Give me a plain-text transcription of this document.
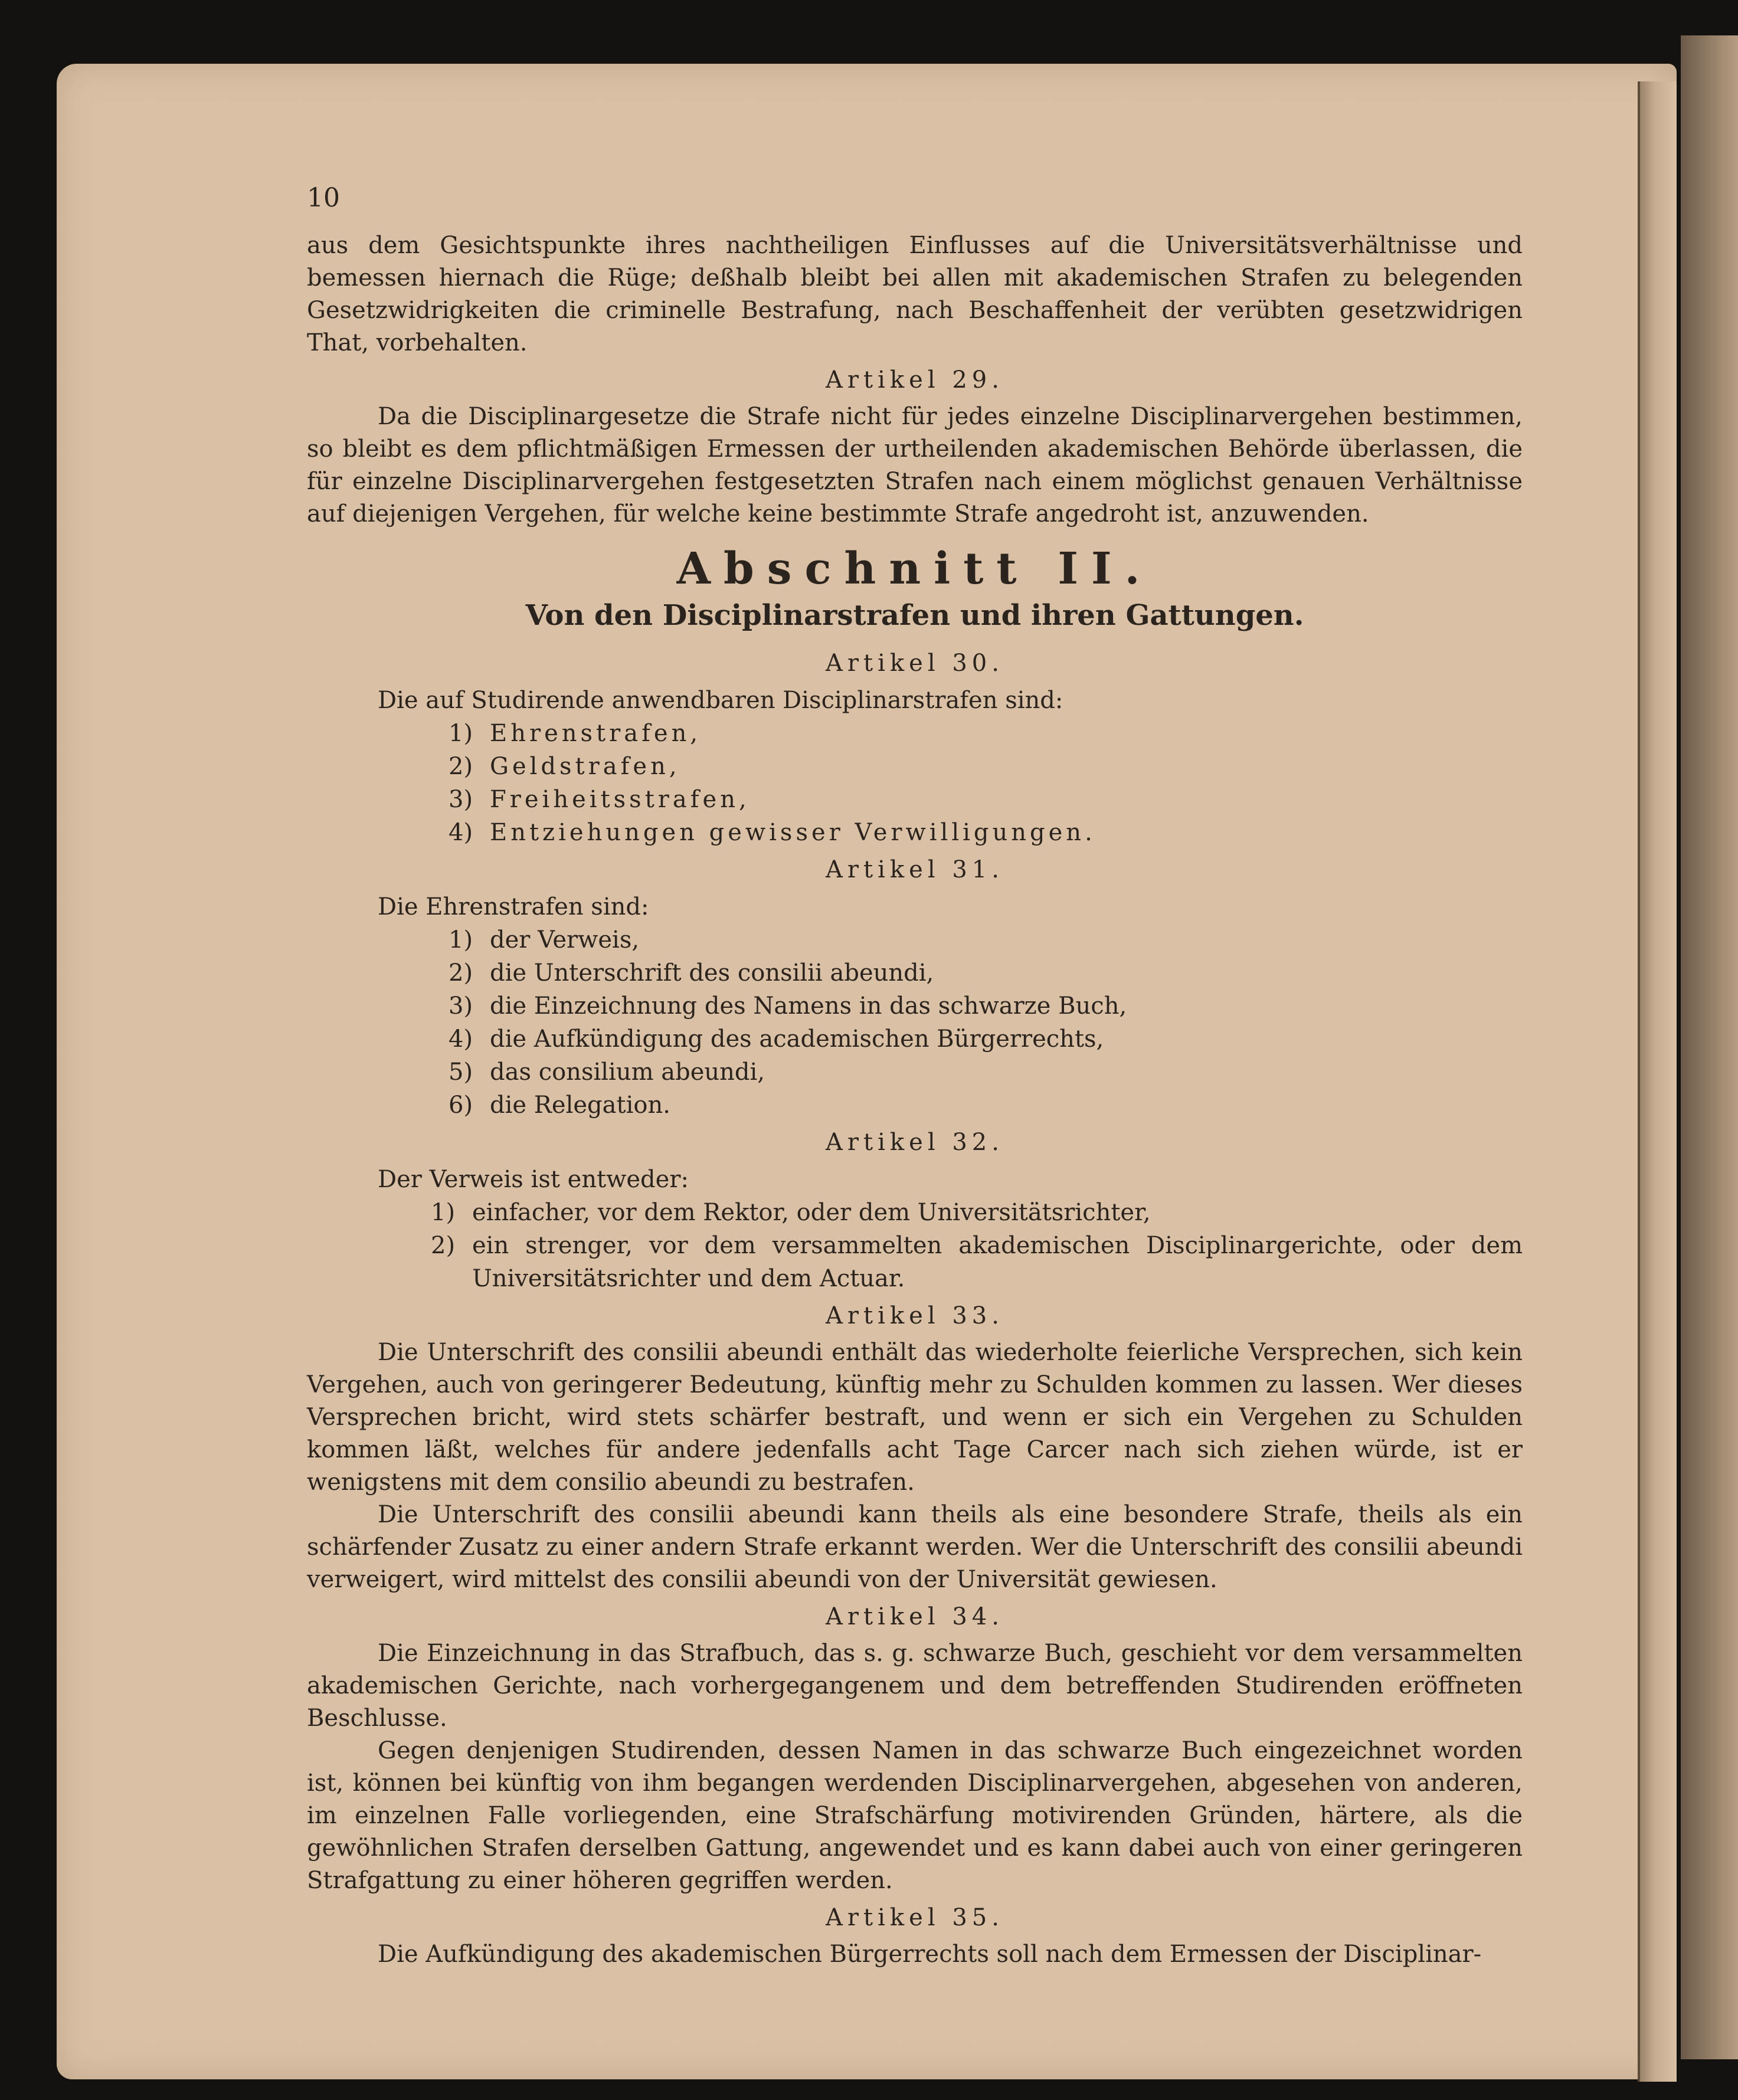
10

aus dem Gesichtspunkte ihres nachtheiligen Einflusses auf die Universitätsverhältnisse und bemessen hiernach die Rüge; deßhalb bleibt bei allen mit akademischen Strafen zu belegenden Gesetzwidrigkeiten die criminelle Bestrafung, nach Beschaffenheit der verübten gesetzwidrigen That, vorbehalten.

Artikel 29.

Da die Disciplinargesetze die Strafe nicht für jedes einzelne Disciplinarvergehen bestimmen, so bleibt es dem pflichtmäßigen Ermessen der urtheilenden akademischen Behörde überlassen, die für einzelne Disciplinarvergehen festgesetzten Strafen nach einem möglichst genauen Verhältnisse auf diejenigen Vergehen, für welche keine bestimmte Strafe angedroht ist, anzuwenden.

Abschnitt II.
Von den Disciplinarstrafen und ihren Gattungen.
Artikel 30.
Die auf Studirende anwendbaren Disciplinarstrafen sind:
1) Ehrenstrafen,
2) Geldstrafen,
3) Freiheitsstrafen,
4) Entziehungen gewisser Verwilligungen.
Artikel 31.
Die Ehrenstrafen sind:
1) der Verweis,
2) die Unterschrift des consilii abeundi,
3) die Einzeichnung des Namens in das schwarze Buch,
4) die Aufkündigung des academischen Bürgerrechts,
5) das consilium abeundi,
6) die Relegation.
Artikel 32.
Der Verweis ist entweder:
1) einfacher, vor dem Rektor, oder dem Universitätsrichter,
2) ein strenger, vor dem versammelten akademischen Disciplinargerichte, oder dem Universitätsrichter und dem Actuar.
Artikel 33.

Die Unterschrift des consilii abeundi enthält das wiederholte feierliche Versprechen, sich kein Vergehen, auch von geringerer Bedeutung, künftig mehr zu Schulden kommen zu lassen. Wer dieses Versprechen bricht, wird stets schärfer bestraft, und wenn er sich ein Vergehen zu Schulden kommen läßt, welches für andere jedenfalls acht Tage Carcer nach sich ziehen würde, ist er wenigstens mit dem consilio abeundi zu bestrafen.

Die Unterschrift des consilii abeundi kann theils als eine besondere Strafe, theils als ein schärfender Zusatz zu einer andern Strafe erkannt werden. Wer die Unterschrift des consilii abeundi verweigert, wird mittelst des consilii abeundi von der Universität gewiesen.

Artikel 34.

Die Einzeichnung in das Strafbuch, das s. g. schwarze Buch, geschieht vor dem versammelten akademischen Gerichte, nach vorhergegangenem und dem betreffenden Studirenden eröffneten Beschlusse.

Gegen denjenigen Studirenden, dessen Namen in das schwarze Buch eingezeichnet worden ist, können bei künftig von ihm begangen werdenden Disciplinarvergehen, abgesehen von anderen, im einzelnen Falle vorliegenden, eine Strafschärfung motivirenden Gründen, härtere, als die gewöhnlichen Strafen derselben Gattung, angewendet und es kann dabei auch von einer geringeren Strafgattung zu einer höheren gegriffen werden.

Artikel 35.

Die Aufkündigung des akademischen Bürgerrechts soll nach dem Ermessen der Disciplinar-
